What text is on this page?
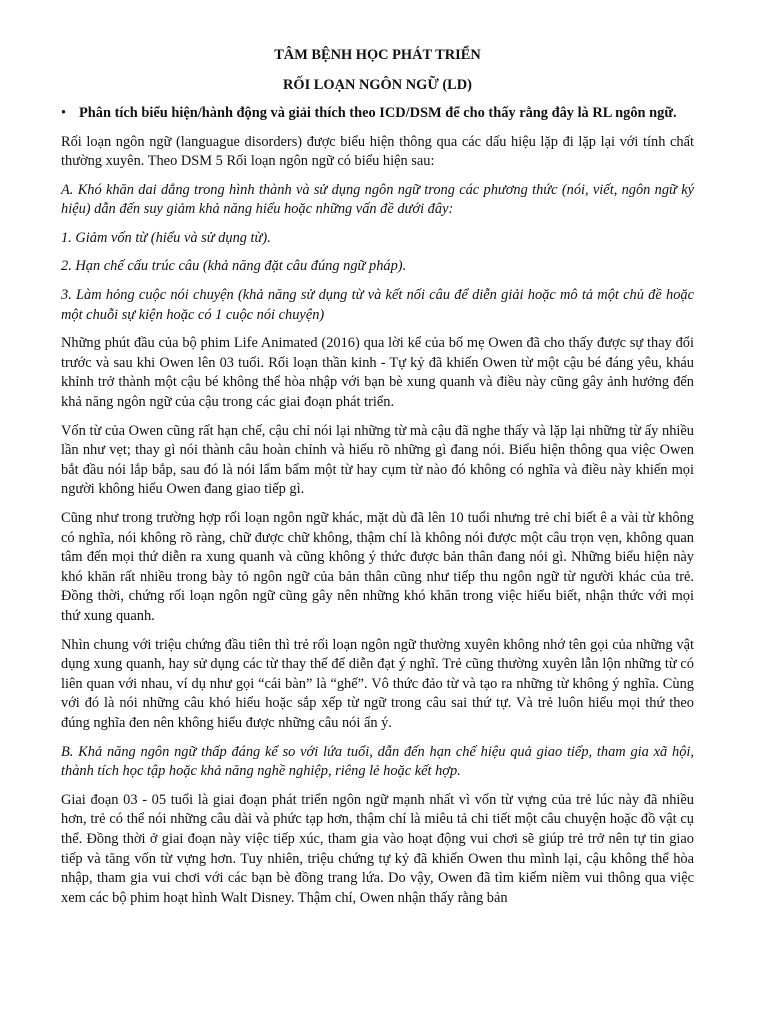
TÂM BỆNH HỌC PHÁT TRIỂN
RỐI LOẠN NGÔN NGỮ (LD)
• Phân tích biểu hiện/hành động và giải thích theo ICD/DSM để cho thấy rằng đây là RL ngôn ngữ.

Rối loạn ngôn ngữ (languague disorders) được biểu hiện thông qua các dấu hiệu lặp đi lặp lại với tính chất thường xuyên. Theo DSM 5 Rối loạn ngôn ngữ có biểu hiện sau:

A. Khó khăn dai dẳng trong hình thành và sử dụng ngôn ngữ trong các phương thức (nói, viết, ngôn ngữ ký hiệu) dẫn đến suy giảm khả năng hiểu hoặc những vấn đề dưới đây:

1. Giảm vốn từ (hiểu và sử dụng từ).

2. Hạn chế cấu trúc câu (khả năng đặt câu đúng ngữ pháp).

3. Làm hỏng cuộc nói chuyện (khả năng sử dụng từ và kết nối câu để diễn giải hoặc mô tả một chủ đề hoặc một chuỗi sự kiện hoặc có 1 cuộc nói chuyện)

Những phút đầu của bộ phim Life Animated (2016) qua lời kể của bố mẹ Owen đã cho thấy được sự thay đổi trước và sau khi Owen lên 03 tuổi. Rối loạn thần kinh - Tự kỷ đã khiến Owen từ một cậu bé đáng yêu, kháu khỉnh trở thành một cậu bé không thể hòa nhập với bạn bè xung quanh và điều này cũng gây ảnh hưởng đến khả năng ngôn ngữ của cậu trong các giai đoạn phát triển.

Vốn từ của Owen cũng rất hạn chế, cậu chỉ nói lại những từ mà cậu đã nghe thấy và lặp lại những từ ấy nhiều lần như vẹt; thay gì nói thành câu hoàn chỉnh và hiểu rõ những gì đang nói. Biểu hiện thông qua việc Owen bắt đầu nói lắp bắp, sau đó là nói lẩm bẩm một từ hay cụm từ nào đó không có nghĩa và điều này khiến mọi người không hiểu Owen đang giao tiếp gì.

Cũng như trong trường hợp rối loạn ngôn ngữ khác, mặt dù đã lên 10 tuổi nhưng trẻ chỉ biết ê a vài từ không có nghĩa, nói không rõ ràng, chữ được chữ không, thậm chí là không nói được một câu trọn vẹn, không quan tâm đến mọi thứ diễn ra xung quanh và cũng không ý thức được bản thân đang nói gì. Những biểu hiện này khó khăn rất nhiều trong bày tỏ ngôn ngữ của bản thân cũng như tiếp thu ngôn ngữ từ người khác của trẻ. Đồng thời, chứng rối loạn ngôn ngữ cũng gây nên những khó khăn trong việc hiểu biết, nhận thức với mọi thứ xung quanh.

Nhìn chung với triệu chứng đầu tiên thì trẻ rối loạn ngôn ngữ thường xuyên không nhớ tên gọi của những vật dụng xung quanh, hay sử dụng các từ thay thế để diễn đạt ý nghĩ. Trẻ cũng thường xuyên lẫn lộn những từ có liên quan với nhau, ví dụ như gọi “cái bàn” là “ghế”. Vô thức đảo từ và tạo ra những từ không ý nghĩa. Cùng với đó là nói những câu khó hiểu hoặc sắp xếp từ ngữ trong câu sai thứ tự. Và trẻ luôn hiểu mọi thứ theo đúng nghĩa đen nên không hiểu được những câu nói ẩn ý.

B. Khả năng ngôn ngữ thấp đáng kể so với lứa tuổi, dẫn đến hạn chế hiệu quả giao tiếp, tham gia xã hội, thành tích học tập hoặc khả năng nghề nghiệp, riêng lẻ hoặc kết hợp.

Giai đoạn 03 - 05 tuổi là giai đoạn phát triển ngôn ngữ mạnh nhất vì vốn từ vựng của trẻ lúc này đã nhiều hơn, trẻ có thể nói những câu dài và phức tạp hơn, thậm chí là miêu tả chi tiết một câu chuyện hoặc đồ vật cụ thể. Đồng thời ở giai đoạn này việc tiếp xúc, tham gia vào hoạt động vui chơi sẽ giúp trẻ trở nên tự tin giao tiếp và tăng vốn từ vựng hơn. Tuy nhiên, triệu chứng tự kỷ đã khiến Owen thu mình lại, cậu không thể hòa nhập, tham gia vui chơi với các bạn bè đồng trang lứa. Do vậy, Owen đã tìm kiếm niềm vui thông qua việc xem các bộ phim hoạt hình Walt Disney. Thậm chí, Owen nhận thấy rằng bản
